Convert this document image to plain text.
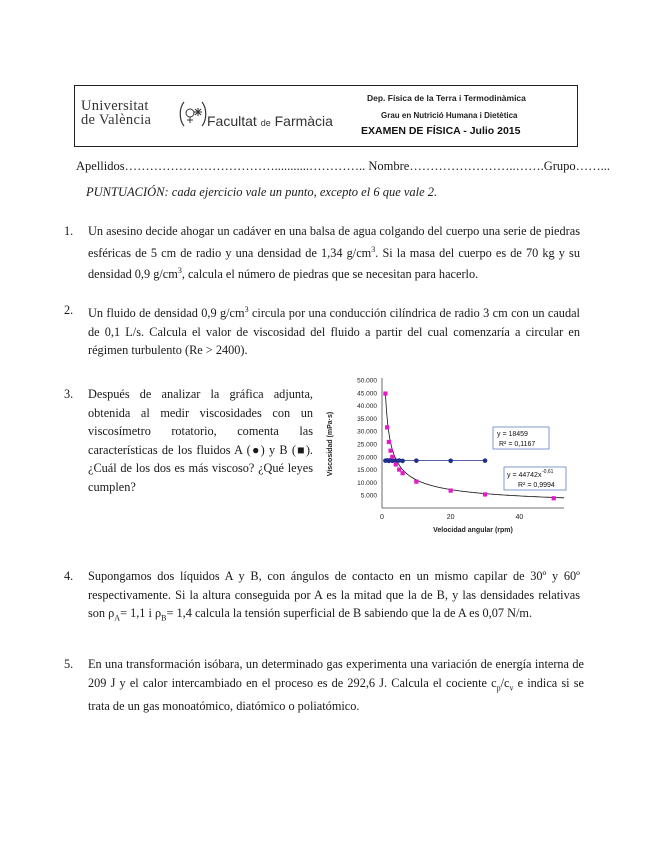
Universitat
de València	Facultat de Farmàcia
Dep. Física de la Terra i Termodinàmica
Grau en Nutrició Humana i Dietètica
EXAMEN DE FÍSICA - Julio 2015
Apellidos………………………………...........………….. Nombre……………………..…….Grupo……...
PUNTUACIÓN: cada ejercicio vale un punto, excepto el 6 que vale 2.
1. Un asesino decide ahogar un cadáver en una balsa de agua colgando del cuerpo una serie de piedras esféricas de 5 cm de radio y una densidad de 1,34 $g/cm^3$. Si la masa del cuerpo es de 70 kg y su densidad 0,9 $g/cm^3$, calcula el número de piedras que se necesitan para hacerlo.
2. Un fluido de densidad 0,9 $g/cm^3$ circula por una conducción cilíndrica de radio 3 cm con un caudal de 0,1 L/s. Calcula el valor de viscosidad del fluido a partir del cual comenzaría a circular en régimen turbulento (Re > 2400).
3. Después de analizar la gráfica adjunta, obtenida al medir viscosidades con un viscosímetro rotatorio, comenta las características de los fluidos A (●) y B (■). ¿Cuál de los dos es más viscoso? ¿Qué leyes cumplen?
5.000
10.000
15.000
20.000
25.000
30.000
35.000
40.000
45.000
50.000
0	20	40
Velocidad angular (rpm)
Viscosidad (mPa·s)	y = 18459
R² = 0,1167
y = 44742x -0,61
R² = 0,9994
4. Supongamos dos líquidos A y B, con ángulos de contacto en un mismo capilar de 30º y 60º respectivamente. Si la altura conseguida por A es la mitad que la de B, y las densidades relativas son $\rho_A= 1,1$ i $\rho_B= 1,4$ calcula la tensión superficial de B sabiendo que la de A es 0,07 N/m.
5. En una transformación isóbara, un determinado gas experimenta una variación de energía interna de 209 J y el calor intercambiado en el proceso es de 292,6 J. Calcula el cociente $c_p/c_v$ e indica si se trata de un gas monoatómico, diatómico o poliatómico.
